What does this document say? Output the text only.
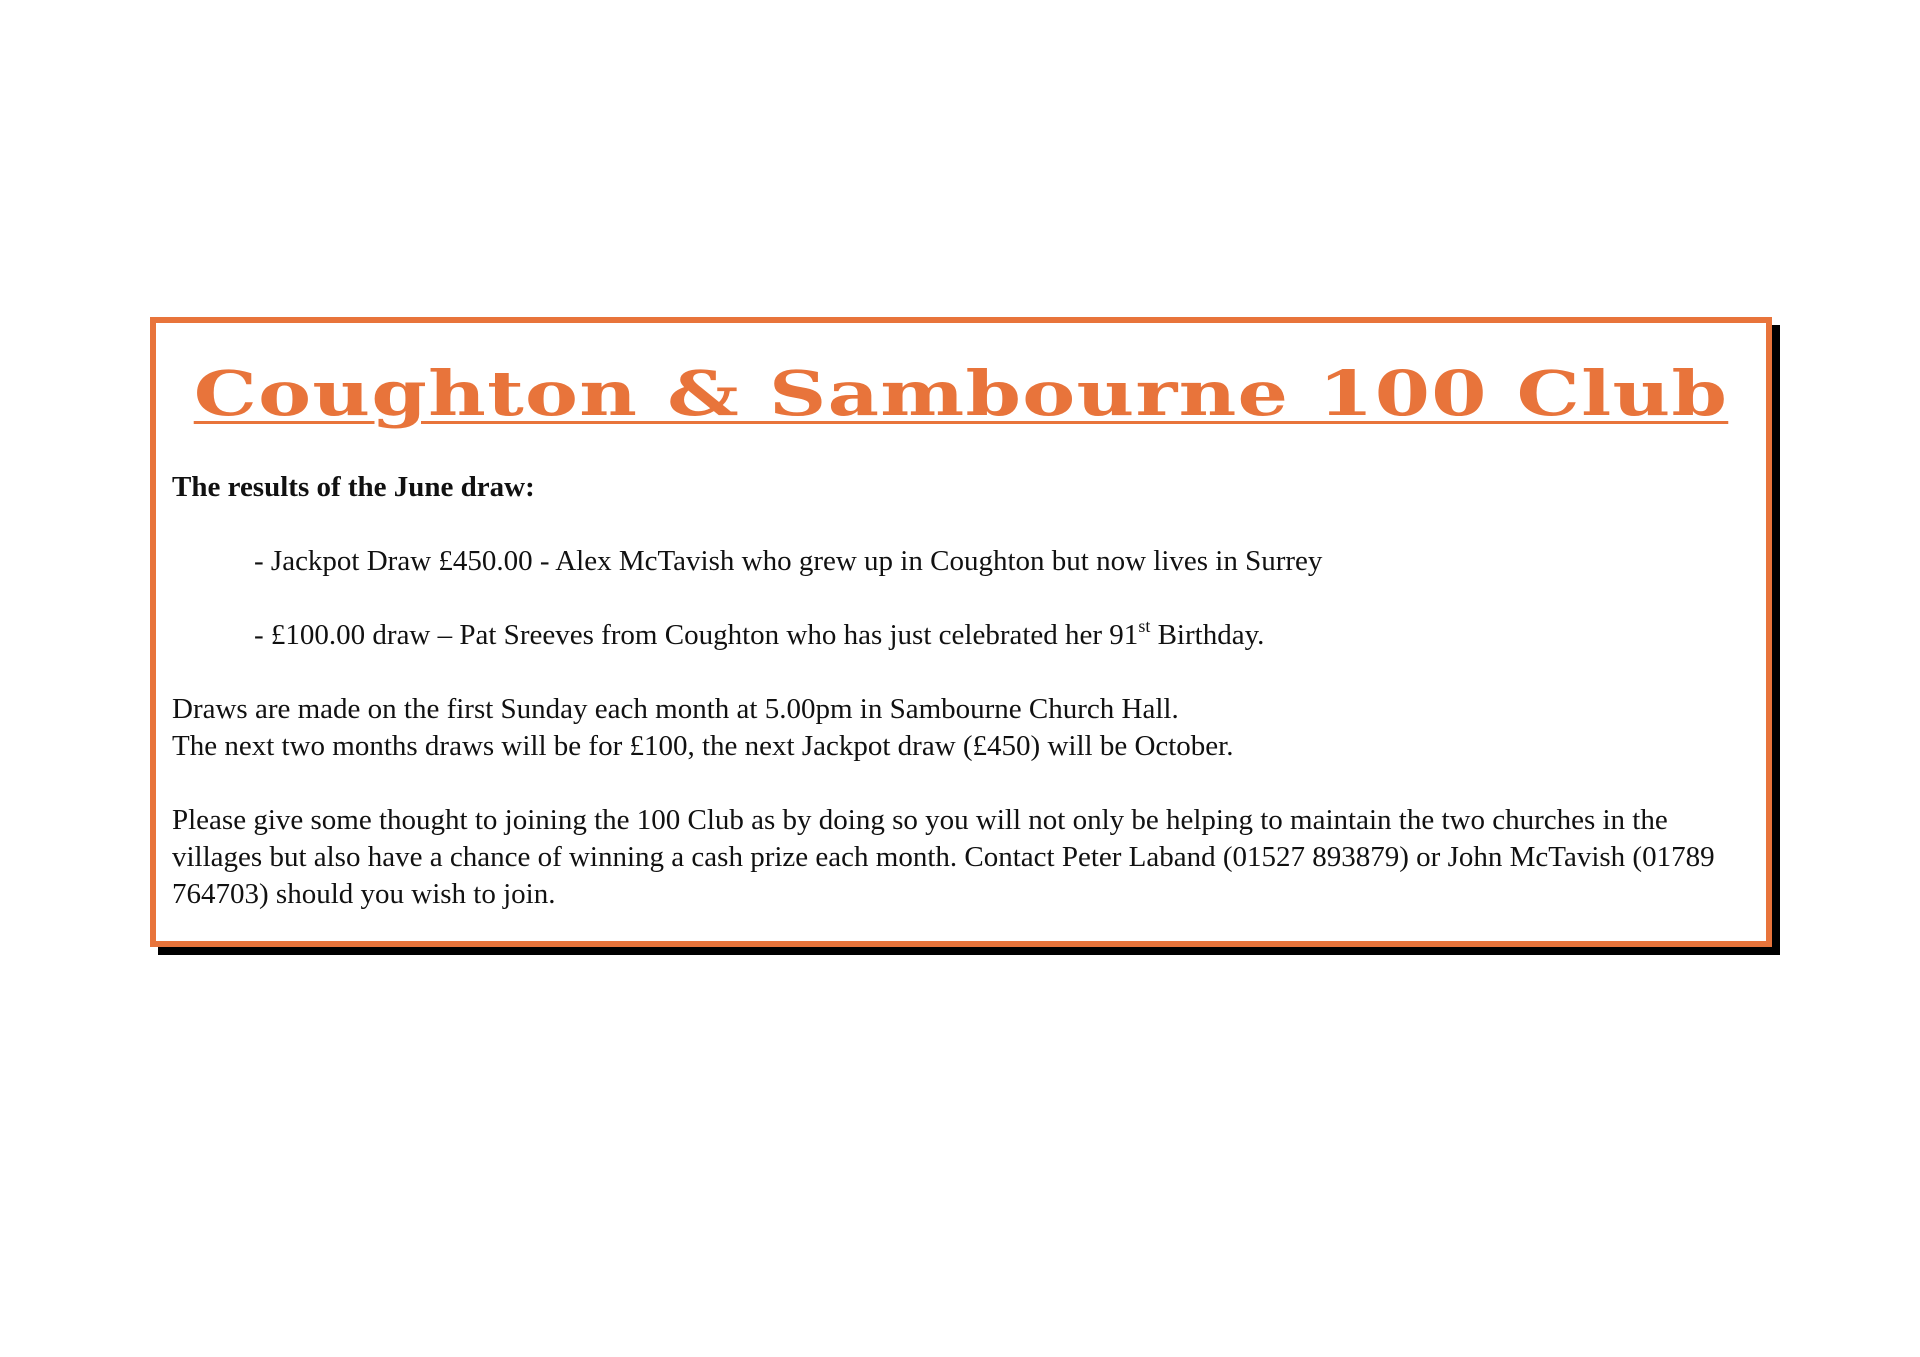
Coughton & Sambourne 100 Club

The results of the June draw:

- Jackpot Draw £450.00 - Alex McTavish who grew up in Coughton but now lives in Surrey

- £100.00 draw – Pat Sreeves from Coughton who has just celebrated her 91st Birthday.

Draws are made on the first Sunday each month at 5.00pm in Sambourne Church Hall.
The next two months draws will be for £100, the next Jackpot draw (£450) will be October.

Please give some thought to joining the 100 Club as by doing so you will not only be helping to maintain the two churches in the villages but also have a chance of winning a cash prize each month. Contact Peter Laband (01527 893879) or John McTavish (01789 764703) should you wish to join.
